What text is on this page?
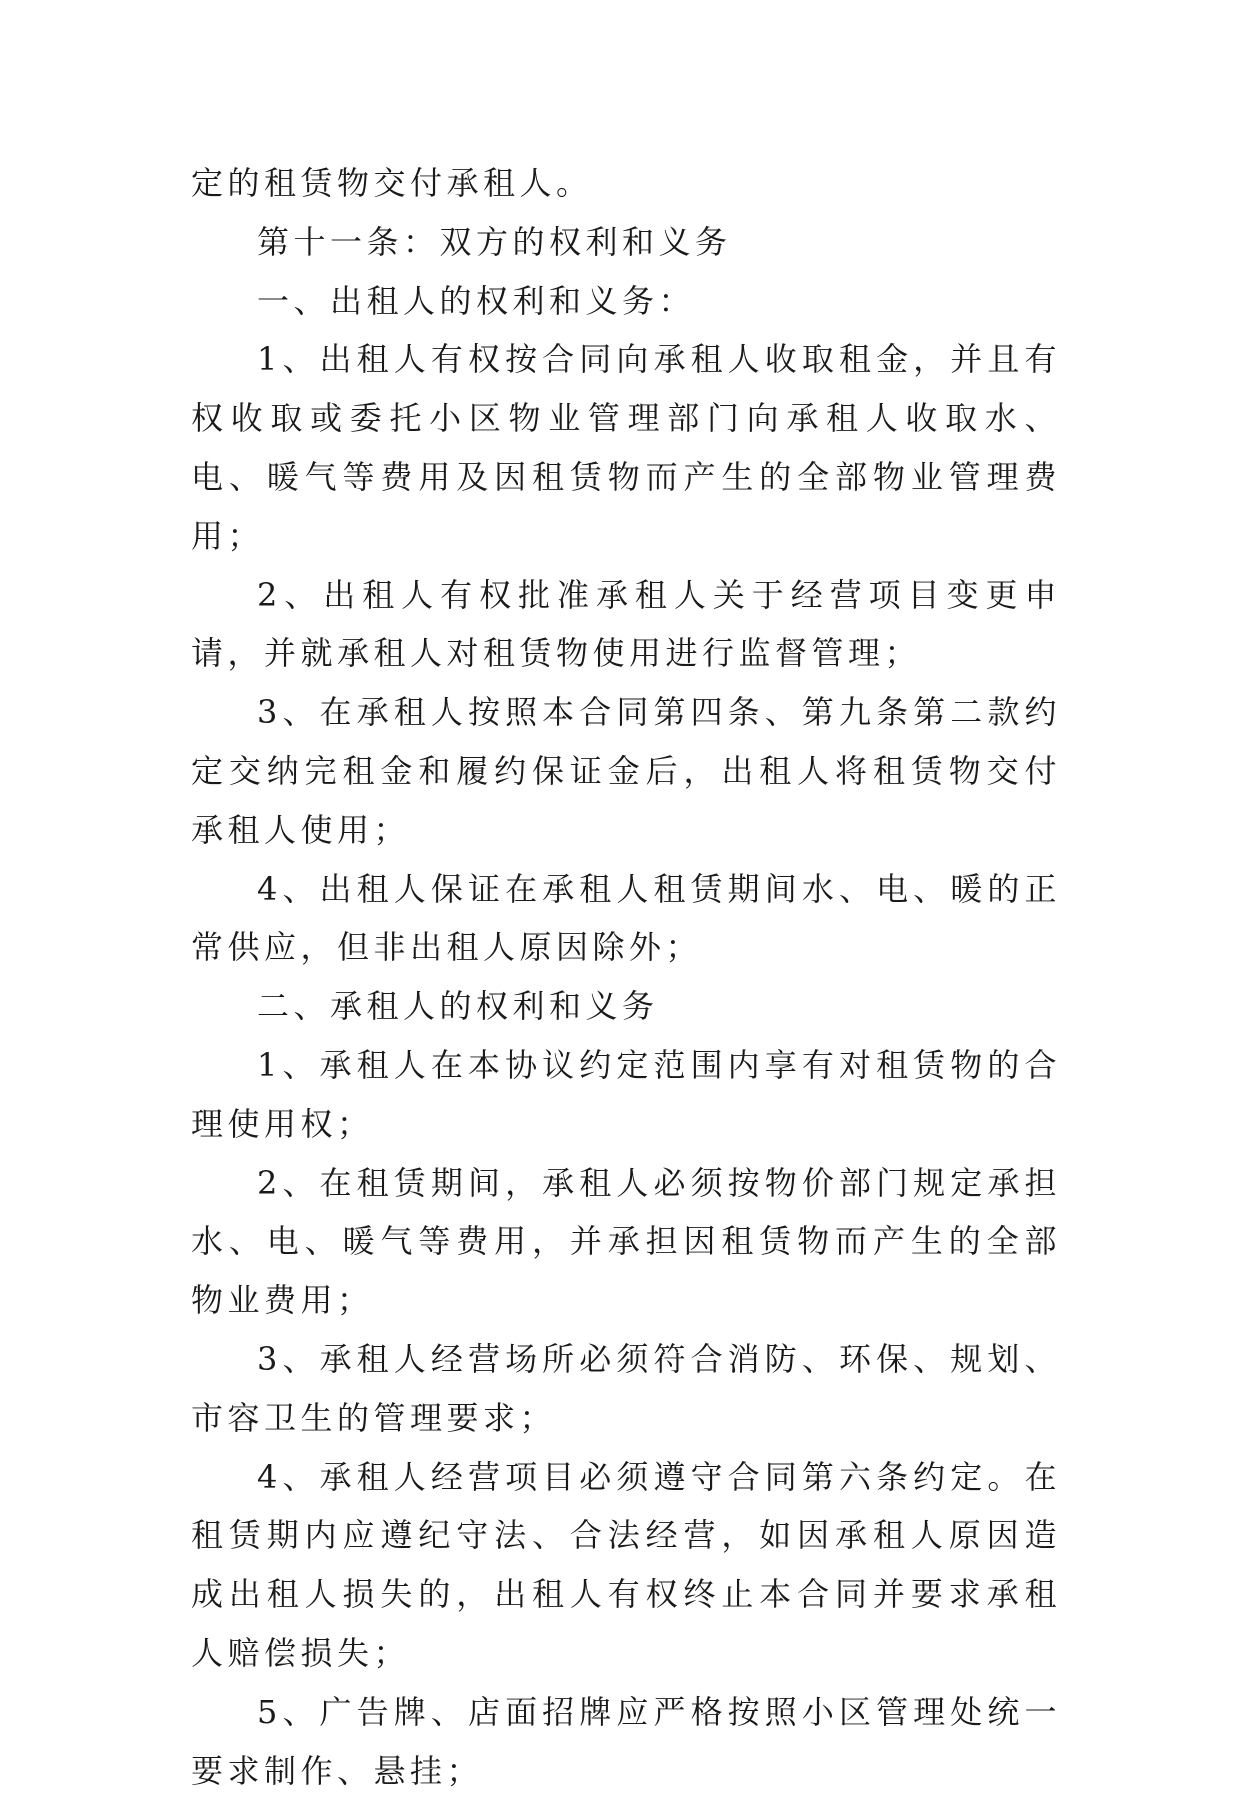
定的租赁物交付承租人。

第十一条：双方的权利和义务

一、出租人的权利和义务：

1、出租人有权按合同向承租人收取租金，并且有权收取或委托小区物业管理部门向承租人收取水、电、暖气等费用及因租赁物而产生的全部物业管理费用；

2、出租人有权批准承租人关于经营项目变更申请，并就承租人对租赁物使用进行监督管理；

3、在承租人按照本合同第四条、第九条第二款约定交纳完租金和履约保证金后，出租人将租赁物交付承租人使用；

4、出租人保证在承租人租赁期间水、电、暖的正常供应，但非出租人原因除外；

二、承租人的权利和义务

1、承租人在本协议约定范围内享有对租赁物的合理使用权；

2、在租赁期间，承租人必须按物价部门规定承担水、电、暖气等费用，并承担因租赁物而产生的全部物业费用；

3、承租人经营场所必须符合消防、环保、规划、市容卫生的管理要求；

4、承租人经营项目必须遵守合同第六条约定。在租赁期内应遵纪守法、合法经营，如因承租人原因造成出租人损失的，出租人有权终止本合同并要求承租人赔偿损失；

5、广告牌、店面招牌应严格按照小区管理处统一要求制作、悬挂；
